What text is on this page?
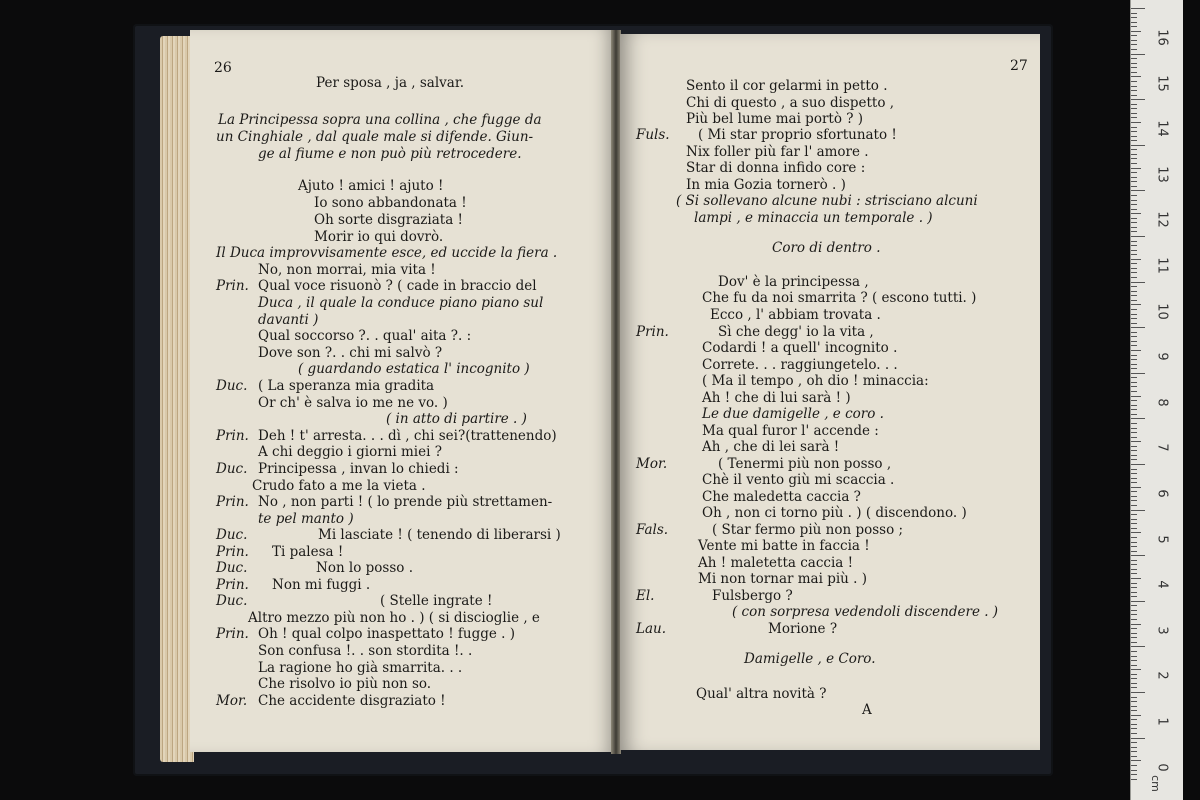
26
Per sposa , ja , salvar.
La Principessa sopra una collina , che fugge da
un Cinghiale , dal quale male si difende. Giun-
ge al fiume e non può più retrocedere.
Ajuto ! amici ! ajuto !
Io sono abbandonata !
Oh sorte disgraziata !
Morir io qui dovrò.
Il Duca improvvisamente esce, ed uccide la fiera .
No, non morrai, mia vita !
Qual voce risuonò ? ( cade in braccio del
Duca , il quale la conduce piano piano sul
davanti )
Qual soccorso ?. . qual' aita ?. :
Dove son ?. . chi mi salvò ?
( guardando estatica l' incognito )
( La speranza mia gradita
Or ch' è salva io me ne vo. )
( in atto di partire . )
Deh ! t' arresta. . . dì , chi sei?(trattenendo)
A chi deggio i giorni miei ?
Principessa , invan lo chiedi :
Crudo fato a me la vieta .
No , non parti ! ( lo prende più strettamen-
te pel manto )
Mi lasciate ! ( tenendo di liberarsi )
Ti palesa !
Non lo posso .
Non mi fuggi .
( Stelle ingrate !
Altro mezzo più non ho . ) ( si discioglie , e
Oh ! qual colpo inaspettato ! fugge . )
Son confusa !. . son stordita !. .
La ragione ho già smarrita. . .
Che risolvo io più non so.
Che accidente disgraziato !
Prin.
Duc.
Prin.
Duc.
Prin.
Duc.
Prin.
Duc.
Prin.
Duc.
Prin.
Mor.
27
Sento il cor gelarmi in petto .
Chi di questo , a suo dispetto ,
Più bel lume mai portò ? )
( Mi star proprio sfortunato !
Nix foller più far l' amore .
Star di donna infido core :
In mia Gozia tornerò . )
( Si sollevano alcune nubi : strisciano alcuni
lampi , e minaccia un temporale . )
Coro di dentro .
Dov' è la principessa ,
Che fu da noi smarrita ? ( escono tutti. )
Ecco , l' abbiam trovata .
Sì che degg' io la vita ,
Codardi ! a quell' incognito .
Correte. . . raggiungetelo. . .
( Ma il tempo , oh dio ! minaccia:
Ah ! che di lui sarà ! )
Le due damigelle , e coro .
Ma qual furor l' accende :
Ah , che di lei sarà !
( Tenermi più non posso ,
Chè il vento giù mi scaccia .
Che maledetta caccia ?
Oh , non ci torno più . ) ( discendono. )
( Star fermo più non posso ;
Vente mi batte in faccia !
Ah ! maletetta caccia !
Mi non tornar mai più . )
Fulsbergo ?
( con sorpresa vedendoli discendere . )
Morione ?
Damigelle , e Coro.
Qual' altra novità ?
A
Fuls.
Prin.
Mor.
Fals.
El.
Lau.
16
15
14
13
12
11
10
9
8
7
6
5
4
3
2
1
0
cm
